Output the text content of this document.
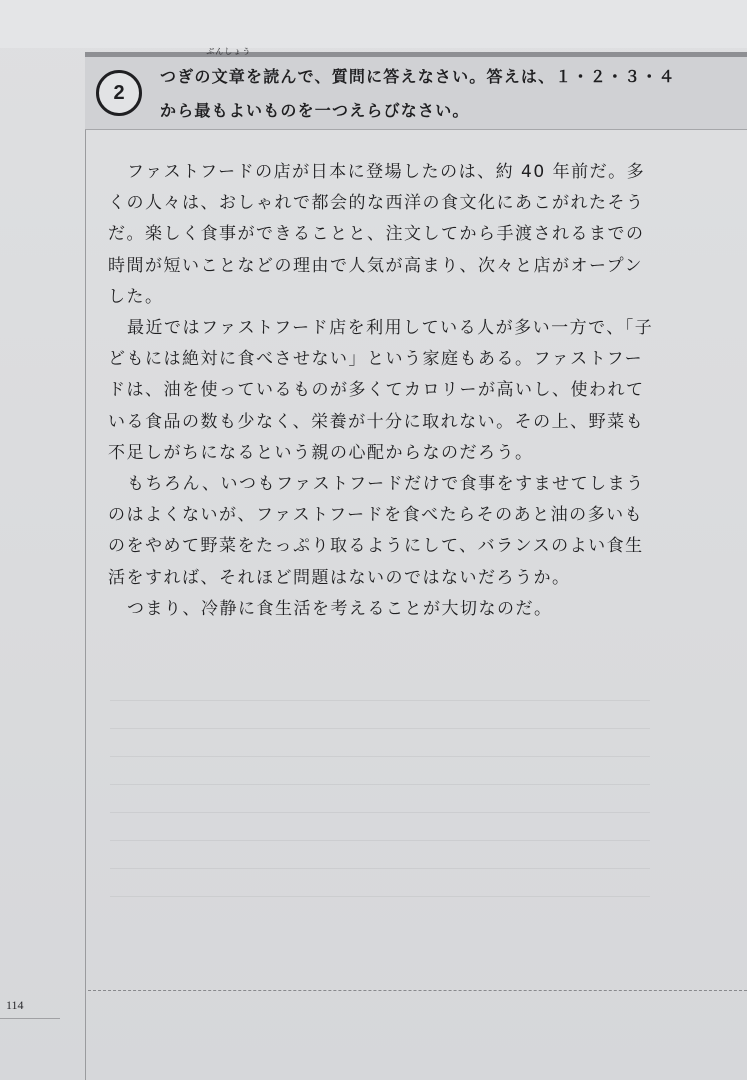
2
つぎの
ぶんしょう
文章を読んで、質問に答えなさい。答えは、１・２・３・４
から最もよいものを一つえらびなさい。
ファストフードの店が日本に登場したのは、約 40 年前だ。多
くの人々は、おしゃれで都会的な西洋の食文化にあこがれたそう
だ。楽しく食事ができることと、注文してから手渡されるまでの
時間が短いことなどの理由で人気が高まり、次々と店がオープン
した。
最近ではファストフード店を利用している人が多い一方で、「子
どもには絶対に食べさせない」という家庭もある。ファストフー
ドは、油を使っているものが多くてカロリーが高いし、使われて
いる食品の数も少なく、栄養が十分に取れない。その上、野菜も
不足しがちになるという親の心配からなのだろう。
もちろん、いつもファストフードだけで食事をすませてしまう
のはよくないが、ファストフードを食べたらそのあと油の多いも
のをやめて野菜をたっぷり取るようにして、バランスのよい食生
活をすれば、それほど問題はないのではないだろうか。
つまり、冷静に食生活を考えることが大切なのだ。
114
